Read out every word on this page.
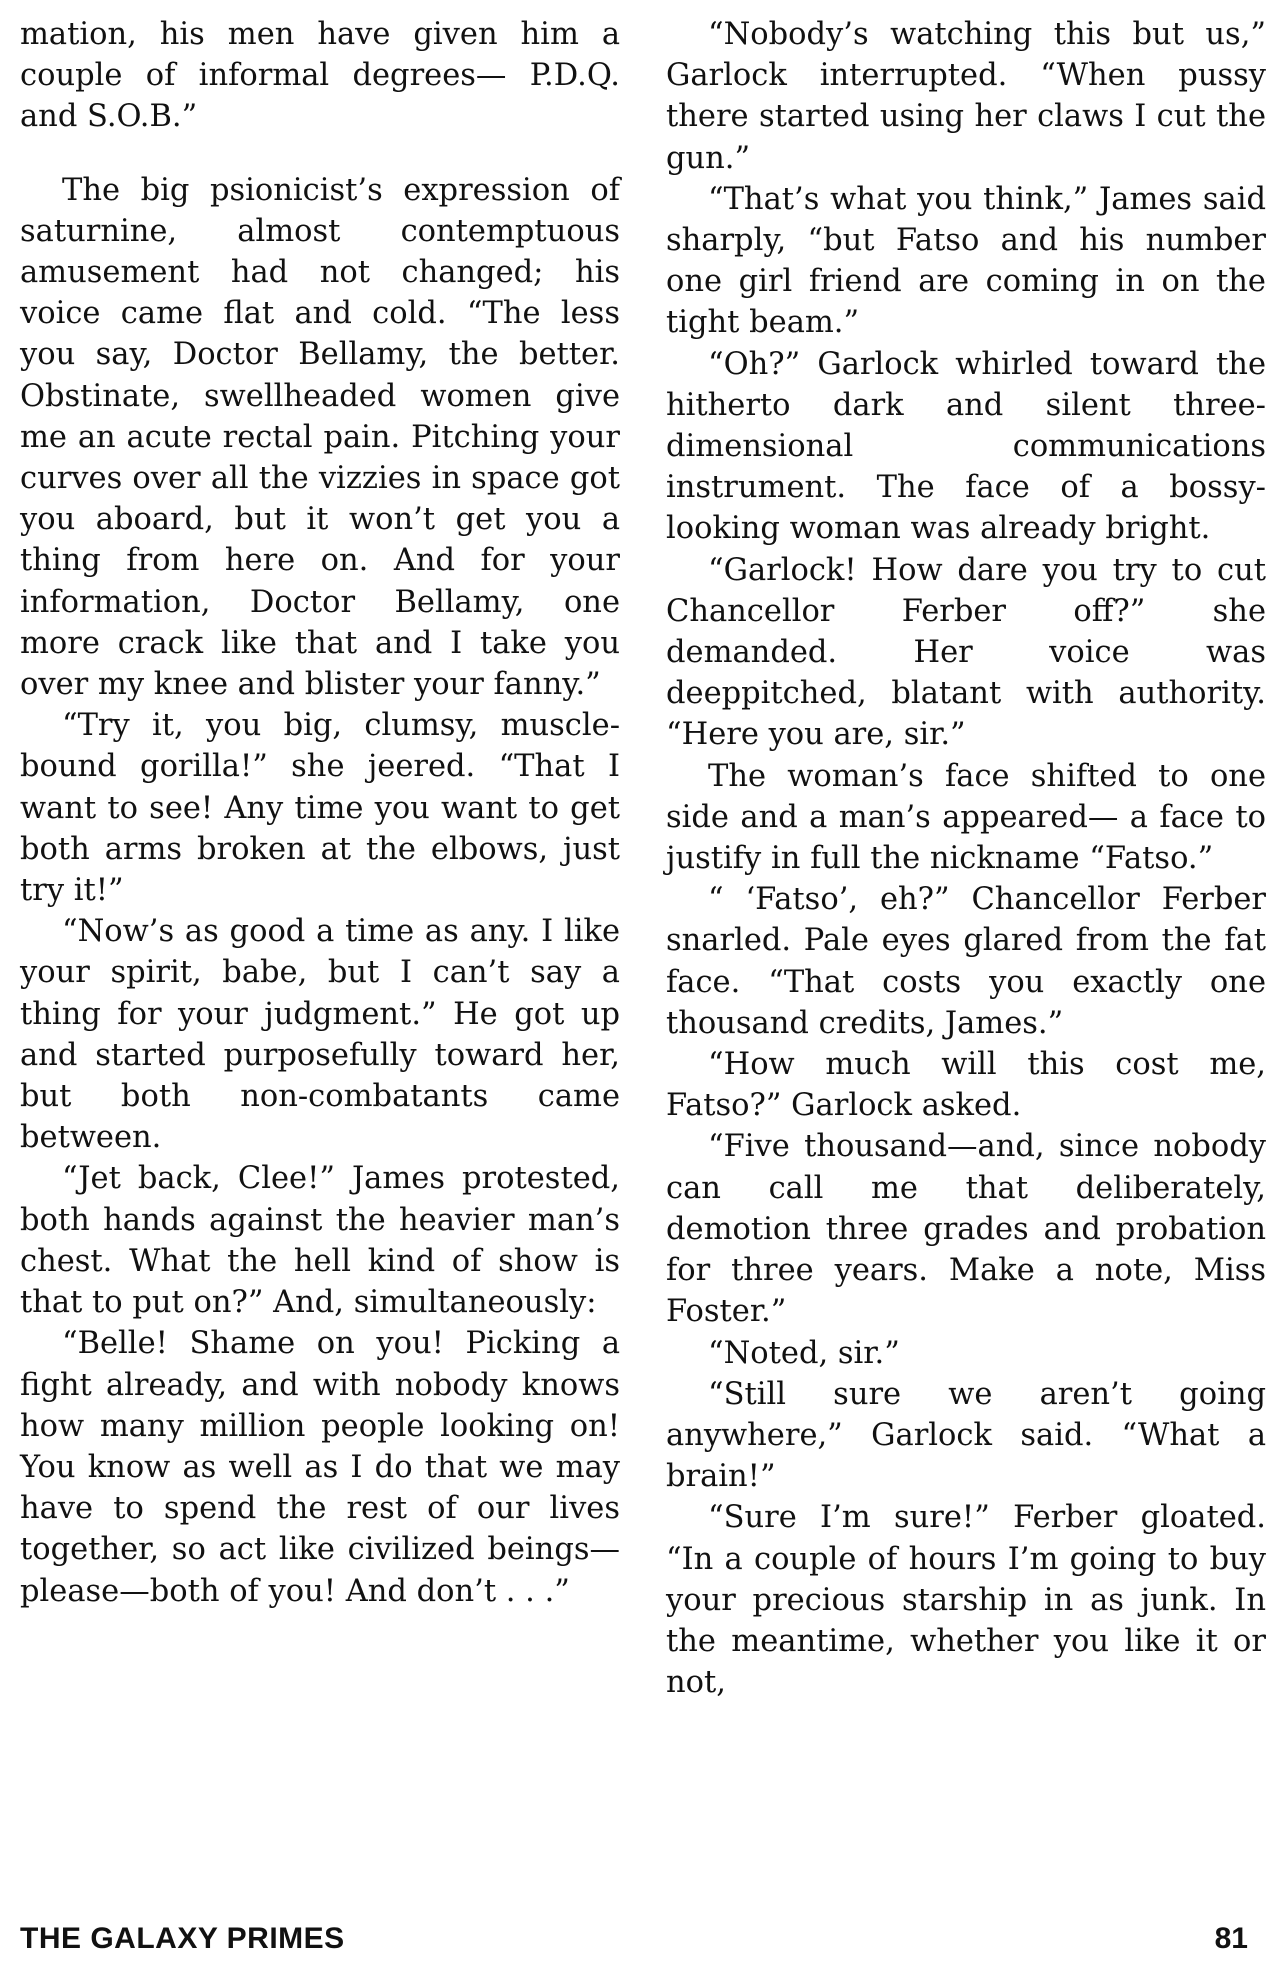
mation, his men have given him a couple of informal degrees— P.D.Q. and S.O.B.”

The big psionicist’s expression of saturnine, almost contemptuous amusement had not changed; his voice came flat and cold. “The less you say, Doctor Bellamy, the better. Obstinate, swellheaded women give me an acute rectal pain. Pitching your curves over all the vizzies in space got you aboard, but it won’t get you a thing from here on. And for your information, Doctor Bellamy, one more crack like that and I take you over my knee and blister your fanny.”

“Try it, you big, clumsy, muscle-bound gorilla!” she jeered. “That I want to see! Any time you want to get both arms broken at the elbows, just try it!”

“Now’s as good a time as any. I like your spirit, babe, but I can’t say a thing for your judgment.” He got up and started purposefully toward her, but both non-combatants came between.

“Jet back, Clee!” James protested, both hands against the heavier man’s chest. What the hell kind of show is that to put on?” And, simultaneously:

“Belle! Shame on you! Picking a fight already, and with nobody knows how many million people looking on! You know as well as I do that we may have to spend the rest of our lives together, so act like civilized beings—please—both of you! And don’t . . .”

“Nobody’s watching this but us,” Garlock interrupted. “When pussy there started using her claws I cut the gun.”

“That’s what you think,” James said sharply, “but Fatso and his number one girl friend are coming in on the tight beam.”

“Oh?” Garlock whirled toward the hitherto dark and silent three-dimensional communications instrument. The face of a bossy-looking woman was already bright.

“Garlock! How dare you try to cut Chancellor Ferber off?” she demanded. Her voice was deeppitched, blatant with authority. “Here you are, sir.”

The woman’s face shifted to one side and a man’s appeared— a face to justify in full the nickname “Fatso.”

“ ‘Fatso’, eh?” Chancellor Ferber snarled. Pale eyes glared from the fat face. “That costs you exactly one thousand credits, James.”

“How much will this cost me, Fatso?” Garlock asked.

“Five thousand—and, since nobody can call me that deliberately, demotion three grades and probation for three years. Make a note, Miss Foster.”

“Noted, sir.”

“Still sure we aren’t going anywhere,” Garlock said. “What a brain!”

“Sure I’m sure!” Ferber gloated. “In a couple of hours I’m going to buy your precious starship in as junk. In the meantime, whether you like it or not,

THE GALAXY PRIMES	81
